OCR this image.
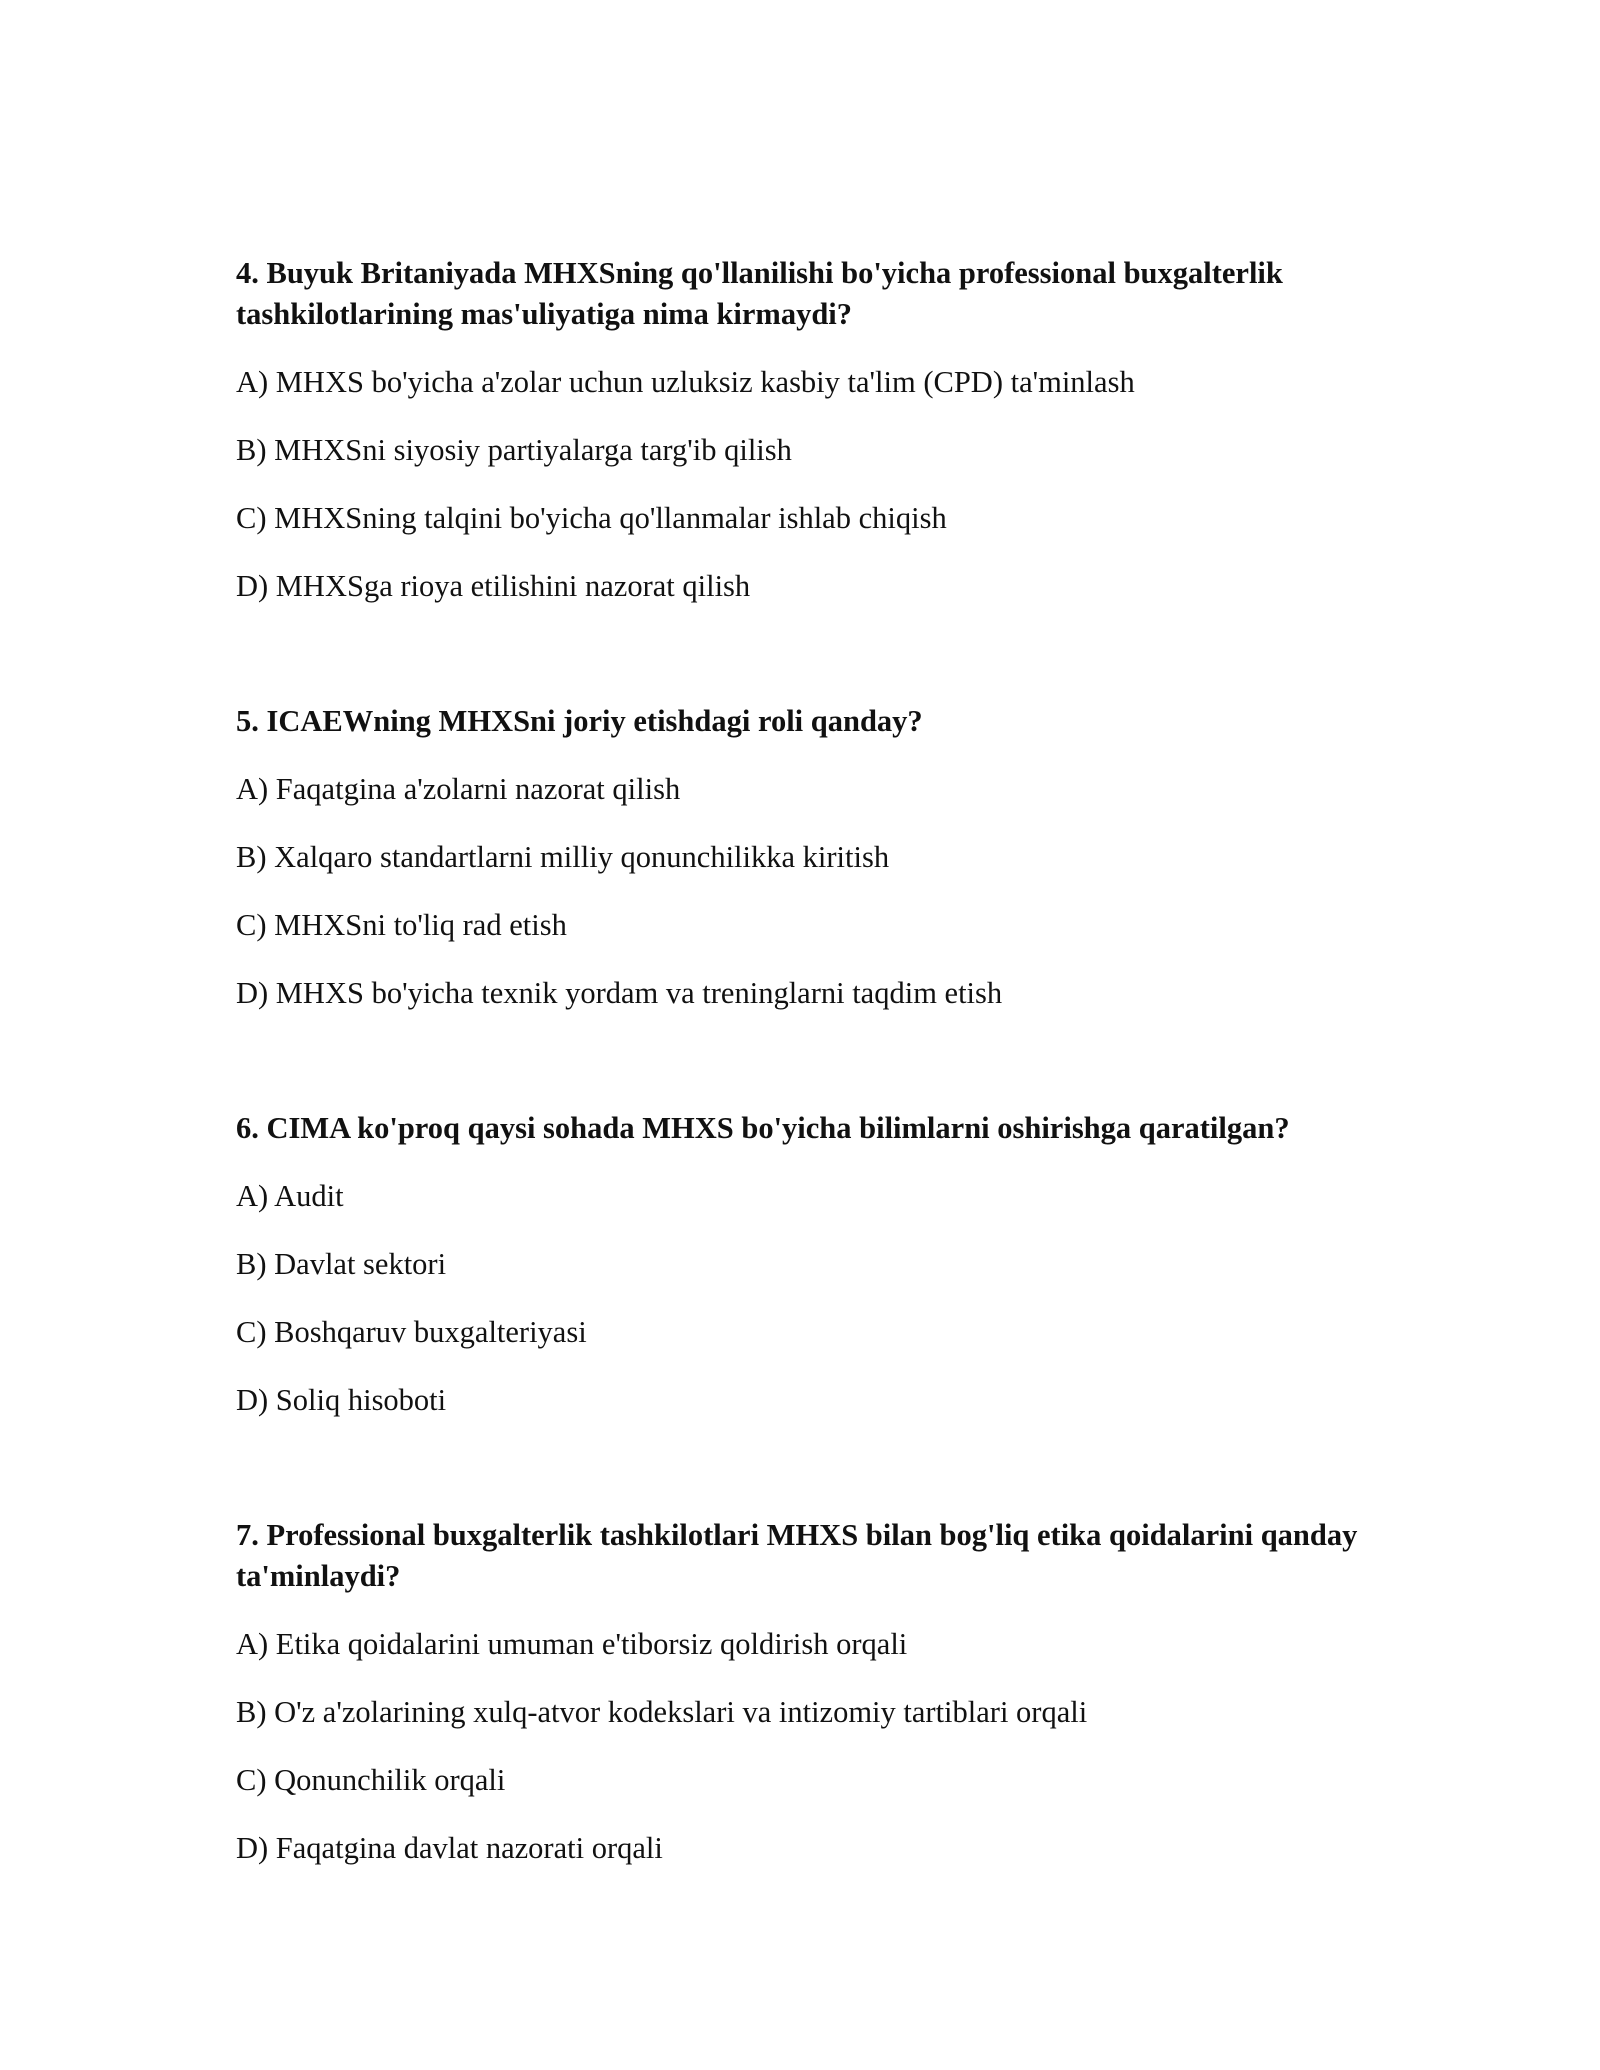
4. Buyuk Britaniyada MHXSning qo'llanilishi bo'yicha professional buxgalterlik tashkilotlarining mas'uliyatiga nima kirmaydi?

A) MHXS bo'yicha a'zolar uchun uzluksiz kasbiy ta'lim (CPD) ta'minlash

B) MHXSni siyosiy partiyalarga targ'ib qilish

C) MHXSning talqini bo'yicha qo'llanmalar ishlab chiqish

D) MHXSga rioya etilishini nazorat qilish

5. ICAEWning MHXSni joriy etishdagi roli qanday?

A) Faqatgina a'zolarni nazorat qilish

B) Xalqaro standartlarni milliy qonunchilikka kiritish

C) MHXSni to'liq rad etish

D) MHXS bo'yicha texnik yordam va treninglarni taqdim etish

6. CIMA ko'proq qaysi sohada MHXS bo'yicha bilimlarni oshirishga qaratilgan?

A) Audit

B) Davlat sektori

C) Boshqaruv buxgalteriyasi

D) Soliq hisoboti

7. Professional buxgalterlik tashkilotlari MHXS bilan bog'liq etika qoidalarini qanday ta'minlaydi?

A) Etika qoidalarini umuman e'tiborsiz qoldirish orqali

B) O'z a'zolarining xulq-atvor kodekslari va intizomiy tartiblari orqali

C) Qonunchilik orqali

D) Faqatgina davlat nazorati orqali
